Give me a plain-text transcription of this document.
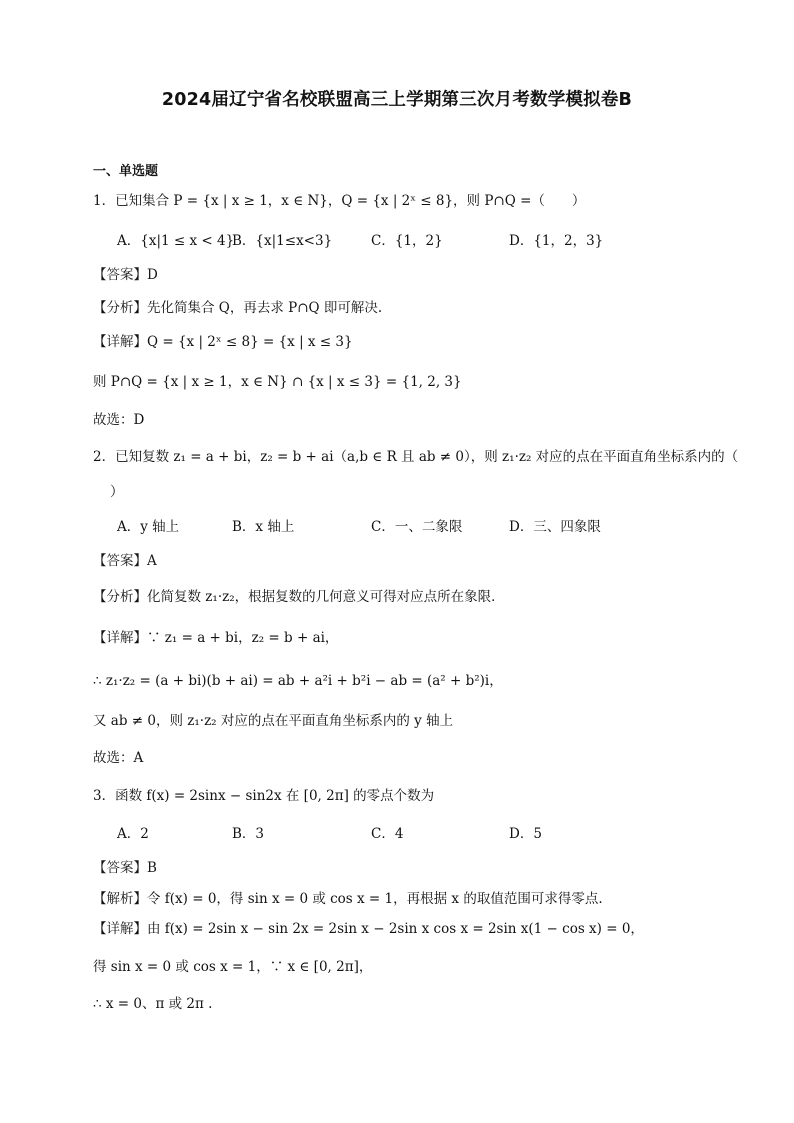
2024届辽宁省名校联盟高三上学期第三次月考数学模拟卷B
一、单选题
1．已知集合 P = {x | x ≥ 1，x ∈ N}，Q = {x | 2ˣ ≤ 8}，则 P∩Q =（　　）
A．{x|1 ≤ x < 4}
B．{x|1≤x<3}	C．{1，2}	D．{1，2，3}
【答案】D
【分析】先化简集合 Q，再去求 P∩Q 即可解决.
【详解】Q = {x | 2ˣ ≤ 8} = {x | x ≤ 3}
则 P∩Q = {x | x ≥ 1，x ∈ N} ∩ {x | x ≤ 3} = {1, 2, 3}
故选：D
2．已知复数 z₁ = a + bi，z₂ = b + ai（a,b ∈ R 且 ab ≠ 0），则 z₁·z₂ 对应的点在平面直角坐标系内的（
）
A．y 轴上	B．x 轴上	C．一、二象限	D．三、四象限
【答案】A
【分析】化简复数 z₁·z₂，根据复数的几何意义可得对应点所在象限．
【详解】∵ z₁ = a + bi，z₂ = b + ai，
∴ z₁·z₂ = (a + bi)(b + ai) = ab + a²i + b²i − ab = (a² + b²)i，
又 ab ≠ 0，则 z₁·z₂ 对应的点在平面直角坐标系内的 y 轴上
故选：A
3．函数 f(x) = 2sinx − sin2x 在 [0, 2π] 的零点个数为
A．2	B．3	C．4	D．5
【答案】B
【解析】令 f(x) = 0，得 sin x = 0 或 cos x = 1，再根据 x 的取值范围可求得零点.
【详解】由 f(x) = 2sin x − sin 2x = 2sin x − 2sin x cos x = 2sin x(1 − cos x) = 0，
得 sin x = 0 或 cos x = 1，∵ x ∈ [0, 2π]，
∴ x = 0、π 或 2π .
